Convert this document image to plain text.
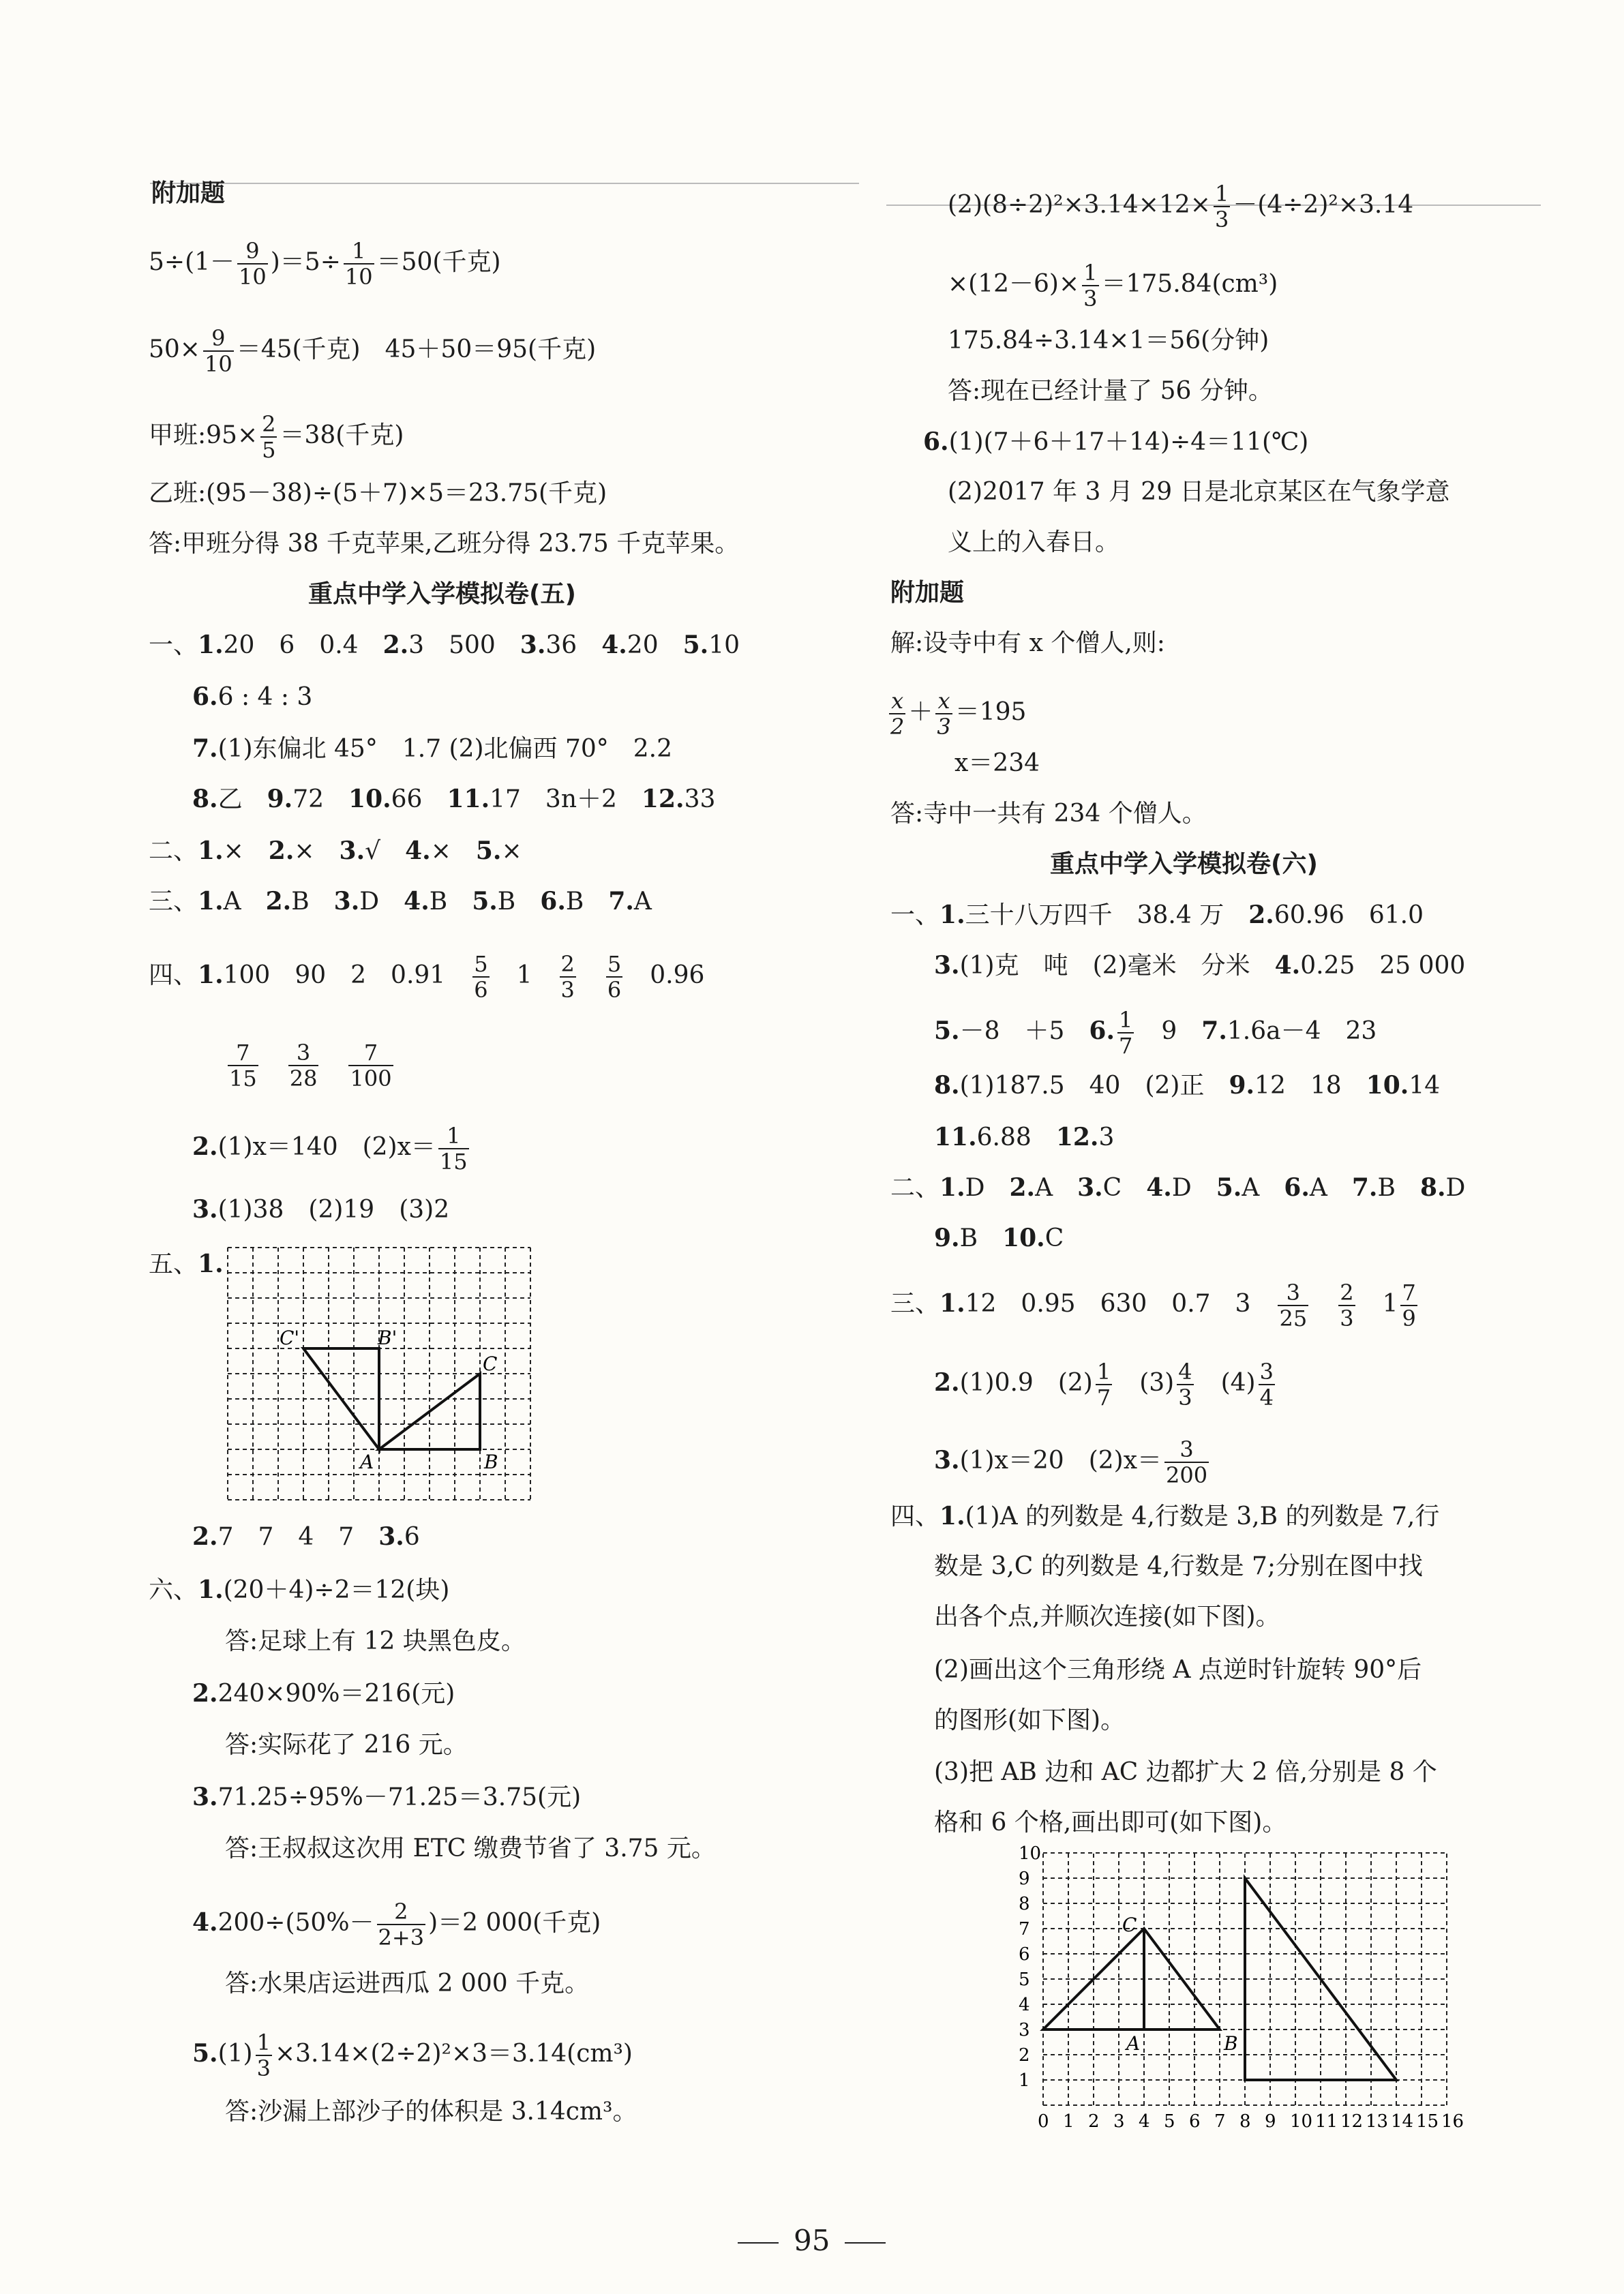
附加题
$5\div(1- \frac{9}{10} )=5\div \frac{1}{10} =50$(千克)
$50\times \frac{9}{10} =45$(千克)　45＋50＝95(千克)
甲班:95× $\frac{2}{5} =38$(千克)
乙班:(95－38)÷(5＋7)×5＝23.75(千克)
答:甲班分得 38 千克苹果,乙班分得 23.75 千克苹果。
重点中学入学模拟卷(五)
一、1.20　6　0.4　2.3　500　3.36　4.20　5.10
6.6 : 4 : 3
7.(1)东偏北 45°　1.7 (2)北偏西 70°　2.2
8.乙　9.72　10.66　11.17　3n＋2　12.33
二、1.×　2.×　3.√　4.×　5.×
三、1.A　2.B　3.D　4.B　5.B　6.B　7.A
四、1.100　90　2　0.91　 $\frac{5}{6}$
　 1　 $\frac{2}{3}$
　 $\frac{5}{6}$
　 0.96
$\frac{7}{15}$
　 $\frac{3}{28}$
　 $\frac{7}{100}$
2.(1)x＝140　$(2)x= \frac{1}{15}$
3.(1)38　(2)19　(3)2
五、1.
C'	B'
C
A	B
2.7　7　4　7　3.6
六、1.(20＋4)÷2＝12(块)
答:足球上有 12 块黑色皮。
2.240×90%＝216(元)
答:实际花了 216 元。
3.71.25÷95%－71.25＝3.75(元)
答:王叔叔这次用 ETC 缴费节省了 3.75 元。
$4.200\div(50\%- \frac{2}{2+3} )=2$ 000(千克)
答:水果店运进西瓜 2 000 千克。
$5.(1) \frac{1}{3} \times 3.14\times(2\div 2)^2\times 3=3.14(cm^3)$
答:沙漏上部沙子的体积是 3.14cm³。
$(2)(8\div 2)^2\times 3.14\times 12\times \frac{1}{3} -(4\div 2)^2\times 3.14$
$\times(12-6)\times \frac{1}{3} =175.84(cm^3)$
175.84÷3.14×1＝56(分钟)
答:现在已经计量了 56 分钟。
6.(1)(7＋6＋17＋14)÷4＝11(℃)
(2)2017 年 3 月 29 日是北京某区在气象学意
义上的入春日。
附加题
解:设寺中有 x 个僧人,则:
$\frac{x}{2} + \frac{x}{3} =195$
x＝234
答:寺中一共有 234 个僧人。
重点中学入学模拟卷(六)
一、1.三十八万四千　38.4 万　2.60.96　61.0
3.(1)克　吨　(2)毫米　分米　4.0.25　25 000
5.－8　＋5　6. $\frac{1}{7}$
　 9　7.1.6a－4　23
8.(1)187.5　40　(2)正　9.12　18　10.14
11.6.88　12.3
二、1.D　2.A　3.C　4.D　5.A　6.A　7.B　8.D
9.B　10.C
三、1.12　0.95　630　0.7　3　 $\frac{3}{25}$
　 $\frac{2}{3}$
　 $1 \frac{7}{9}$
2.(1)0.9　$(2) \frac{1}{7}$
　 $(3) \frac{4}{3}$
　 $(4) \frac{3}{4}$
3.(1)x＝20　$(2)x= \frac{3}{200}$
四、1.(1)A 的列数是 4,行数是 3,B 的列数是 7,行
数是 3,C 的列数是 4,行数是 7;分别在图中找
出各个点,并顺次连接(如下图)。
(2)画出这个三角形绕 A 点逆时针旋转 90°后
的图形(如下图)。
(3)把 AB 边和 AC 边都扩大 2 倍,分别是 8 个
格和 6 个格,画出即可(如下图)。
0 1 2 3 4 5 6 7 8 9 10 11 12 13 14 15 16
1
2
3
4
5
6
7
8
9
10
C
A	B
95
